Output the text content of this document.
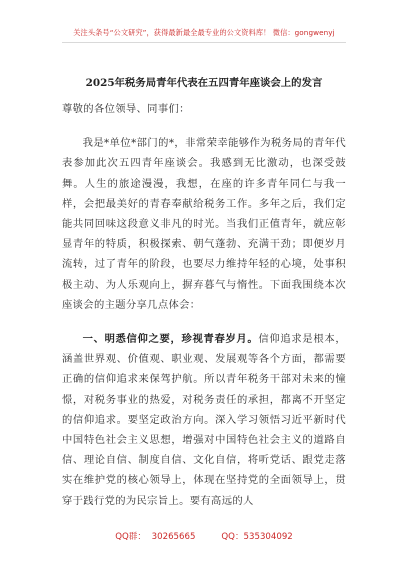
关注头条号“公文研究”，获得最新最全最专业的公文资料库！ 微信：gongwenyj
2025年税务局青年代表在五四青年座谈会上的发言

尊敬的各位领导、同事们：

我是*单位*部门的*，非常荣幸能够作为税务局的青年代表参加此次五四青年座谈会。我感到无比激动，也深受鼓舞。人生的旅途漫漫，我想，在座的许多青年同仁与我一样，会把最美好的青春奉献给税务工作。多年之后，我们定能共同回味这段意义非凡的时光。当我们正值青年，就应彰显青年的特质，积极探索、朝气蓬勃、充满干劲；即便岁月流转，过了青年的阶段，也要尽力维持年轻的心境，处事积极主动、为人乐观向上，摒弃暮气与惰性。下面我围绕本次座谈会的主题分享几点体会：

一、明悉信仰之要，珍视青春岁月。信仰追求是根本，涵盖世界观、价值观、职业观、发展观等各个方面，都需要正确的信仰追求来保驾护航。所以青年税务干部对未来的憧憬，对税务事业的热爱，对税务责任的承担，都离不开坚定的信仰追求。要坚定政治方向。深入学习领悟习近平新时代中国特色社会主义思想，增强对中国特色社会主义的道路自信、理论自信、制度自信、文化自信，将听党话、跟党走落实在维护党的核心领导上，体现在坚持党的全面领导上，贯穿于践行党的为民宗旨上。要有高远的人

QQ群： 30265665	QQ：535304092
